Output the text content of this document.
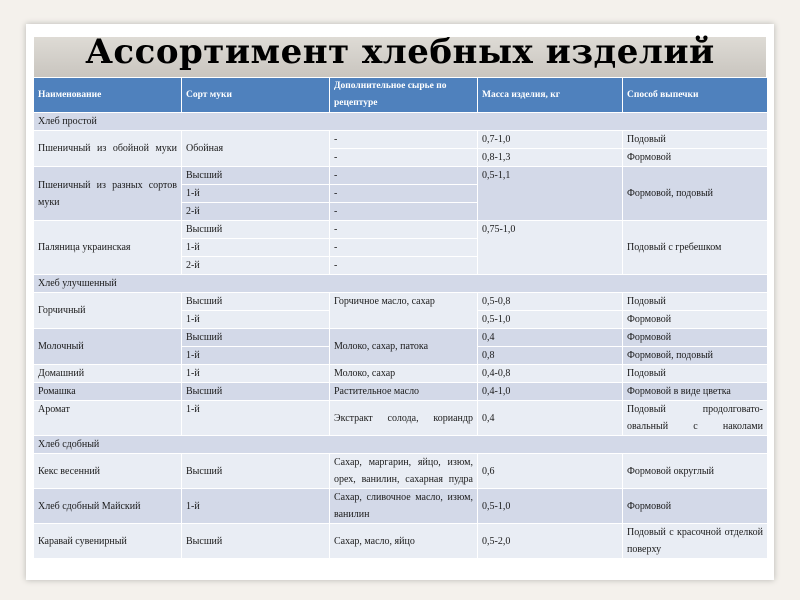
Ассортимент хлебных изделий
Наименование	Сорт муки	Дополнительное сырье по рецептуре	Масса изделия, кг	Способ выпечки
Хлеб простой				
Пшеничный из обойной муки	Обойная	-	0,7-1,0	Подовый
		-	0,8-1,3	Формовой
Пшеничный из разных сортов муки	Высший	-	0,5-1,1	Формовой, подовый
	1-й	-		
	2-й	-		
Паляница украинская	Высший	-	0,75-1,0	Подовый с гребешком
	1-й	-		
	2-й	-		
Хлеб улучшенный				
Горчичный	Высший	Горчичное масло, сахар	0,5-0,8	Подовый
	1-й		0,5-1,0	Формовой
Молочный	Высший	Молоко, сахар, патока	0,4	Формовой
	1-й		0,8	Формовой, подовый
Домашний	1-й	Молоко, сахар	0,4-0,8	Подовый
Ромашка	Высший	Растительное масло	0,4-1,0	Формовой в виде цветка
Аромат	1-й	Экстракт солода, кориандр	0,4	Подовый продолговато-овальный с наколами
Хлеб сдобный				
Кекс весенний	Высший	Сахар, маргарин, яйцо, изюм, орех, ванилин, сахарная пудра	0,6	Формовой округлый
Хлеб сдобный Майский	1-й	Сахар, сливочное масло, изюм, ванилин	0,5-1,0	Формовой
Каравай сувенирный	Высший	Сахар, масло, яйцо	0,5-2,0	Подовый с красочной отделкой поверху
